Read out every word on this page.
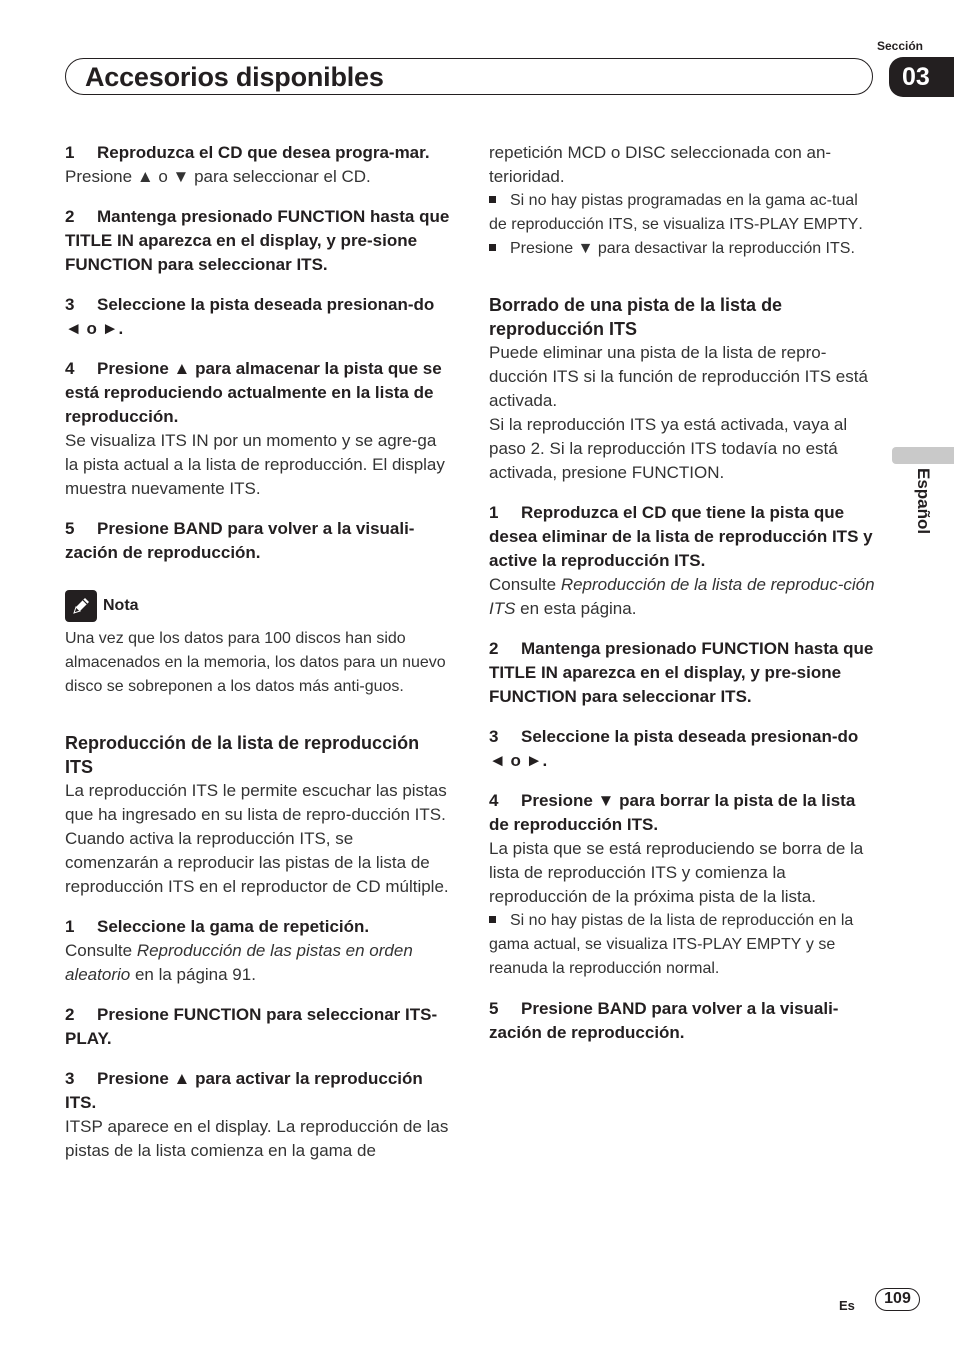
Accesorios disponibles
Sección
03
Español

1 Reproduzca el CD que desea progra-mar.

Presione ▲ o ▼ para seleccionar el CD.

2 Mantenga presionado FUNCTION hasta que TITLE IN aparezca en el display, y pre-sione FUNCTION para seleccionar ITS.

3 Seleccione la pista deseada presionan-do ◄ o ►.

4 Presione ▲ para almacenar la pista que se está reproduciendo actualmente en la lista de reproducción.

Se visualiza ITS IN por un momento y se agre-ga la pista actual a la lista de reproducción. El display muestra nuevamente ITS.

5 Presione BAND para volver a la visuali-zación de reproducción.

Nota

Una vez que los datos para 100 discos han sido almacenados en la memoria, los datos para un nuevo disco se sobreponen a los datos más anti-guos.

Reproducción de la lista de reproducción ITS

La reproducción ITS le permite escuchar las pistas que ha ingresado en su lista de repro-ducción ITS. Cuando activa la reproducción ITS, se comenzarán a reproducir las pistas de la lista de reproducción ITS en el reproductor de CD múltiple.

1 Seleccione la gama de repetición.

Consulte Reproducción de las pistas en orden aleatorio en la página 91.

2 Presione FUNCTION para seleccionar ITS-PLAY.

3 Presione ▲ para activar la reproducción ITS.

ITSP aparece en el display. La reproducción de las pistas de la lista comienza en la gama de

repetición MCD o DISC seleccionada con an-terioridad.

Si no hay pistas programadas en la gama ac-tual de reproducción ITS, se visualiza ITS-PLAY EMPTY.

Presione ▼ para desactivar la reproducción ITS.

Borrado de una pista de la lista de reproducción ITS

Puede eliminar una pista de la lista de repro-ducción ITS si la función de reproducción ITS está activada.

Si la reproducción ITS ya está activada, vaya al paso 2. Si la reproducción ITS todavía no está activada, presione FUNCTION.

1 Reproduzca el CD que tiene la pista que desea eliminar de la lista de reproducción ITS y active la reproducción ITS.

Consulte Reproducción de la lista de reproduc-ción ITS en esta página.

2 Mantenga presionado FUNCTION hasta que TITLE IN aparezca en el display, y pre-sione FUNCTION para seleccionar ITS.

3 Seleccione la pista deseada presionan-do ◄ o ►.

4 Presione ▼ para borrar la pista de la lista de reproducción ITS.

La pista que se está reproduciendo se borra de la lista de reproducción ITS y comienza la reproducción de la próxima pista de la lista.

Si no hay pistas de la lista de reproducción en la gama actual, se visualiza ITS-PLAY EMPTY y se reanuda la reproducción normal.

5 Presione BAND para volver a la visuali-zación de reproducción.

Es	109
